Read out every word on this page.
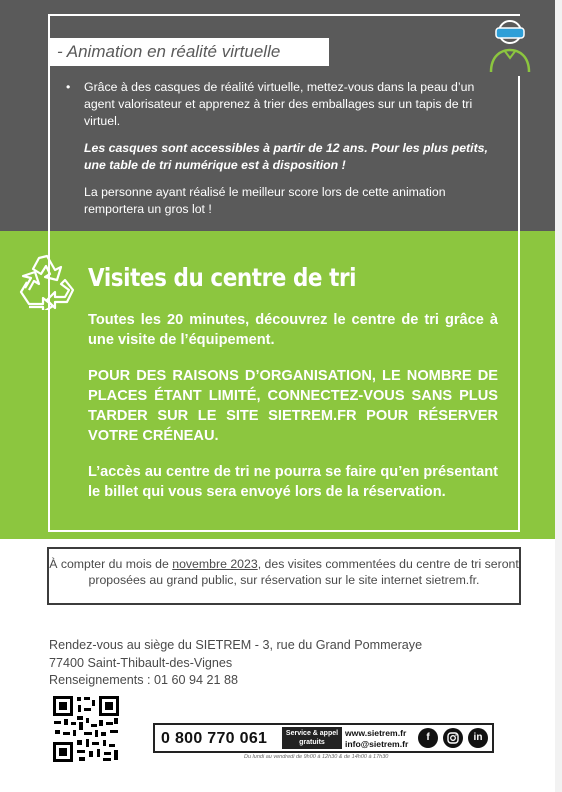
- Animation en réalité virtuelle

•	Grâce à des casques de réalité virtuelle, mettez-vous dans la peau d’un agent valorisateur et apprenez à trier des emballages sur un tapis de tri virtuel.

Les casques sont accessibles à partir de 12 ans. Pour les plus petits, une table de tri numérique est à disposition !

La personne ayant réalisé le meilleur score lors de cette animation remportera un gros lot !

Visites du centre de tri

Toutes les 20 minutes, découvrez le centre de tri grâce à une visite de l’équipement.

POUR DES RAISONS D’ORGANISATION, LE NOMBRE DE PLACES ÉTANT LIMITÉ, CONNECTEZ-VOUS SANS PLUS TARDER SUR LE SITE SIETREM.FR POUR RÉSERVER VOTRE CRÉNEAU.

L’accès au centre de tri ne pourra se faire qu’en présentant le billet qui vous sera envoyé lors de la réservation.

À compter du mois de novembre 2023, des visites commentées du centre de tri seront proposées au grand public, sur réservation sur le site internet sietrem.fr.
Rendez-vous au siège du SIETREM - 3, rue du Grand Pommeraye
77400 Saint-Thibault-des-Vignes
Renseignements : 01 60 94 21 88
0 800 770 061	Service & appel
gratuits
www.sietrem.fr
info@sietrem.fr
f	in
Du lundi au vendredi de 9h00 à 12h30 & de 14h00 à 17h30
